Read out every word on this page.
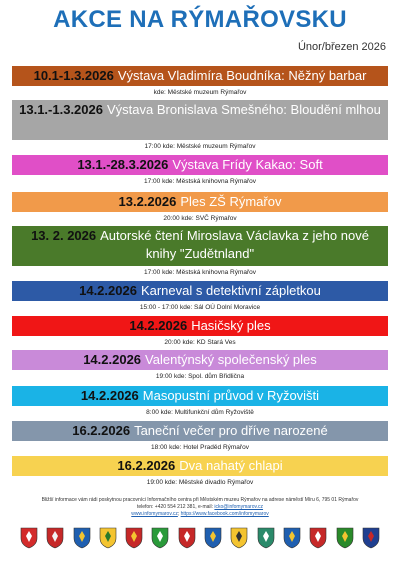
AKCE NA RÝMAŘOVSKU
Únor/březen 2026
10.1-1.3.2026 Výstava Vladimíra Boudníka: Něžný barbar
kde: Městské muzeum Rýmařov
13.1.-1.3.2026 Výstava Bronislava Smešného: Bloudění mlhou
17:00 kde: Městské muzeum Rýmařov
13.1.-28.3.2026 Výstava Frídy Kakao: Soft
17:00 kde: Městská knihovna Rýmařov
13.2.2026 Ples ZŠ Rýmařov
20:00 kde: SVČ Rýmařov
13. 2. 2026 Autorské čtení Miroslava Václavka z jeho nové knihy "Zudětnland"
17:00 kde: Městská knihovna Rýmařov
14.2.2026 Karneval s detektivní zápletkou
15:00 - 17:00 kde: Sál OÚ Dolní Moravice
14.2.2026 Hasičský ples
20:00 kde: KD Stará Ves
14.2.2026 Valentýnský společenský ples
19:00 kde: Spol. dům Břidlična
14.2.2026 Masopustní průvod v Ryžovišti
8:00 kde: Multifunkční dům Ryžoviště
16.2.2026 Taneční večer pro dříve narozené
18:00 kde: Hotel Praděd Rýmařov
16.2.2026 Dva nahatý chlapi
19:00 kde: Městské divadlo Rýmařov
Bližší informace vám rádi poskytnou pracovníci Informačního centra při Městském muzeu Rýmařov na adrese náměstí Míru 6, 795 01 Rýmařov
telefon: +420 554 212 381, e-mail: icko@infomymarov.cz
www.infomymarov.cz; https://www.facebook.com/infomymarov
